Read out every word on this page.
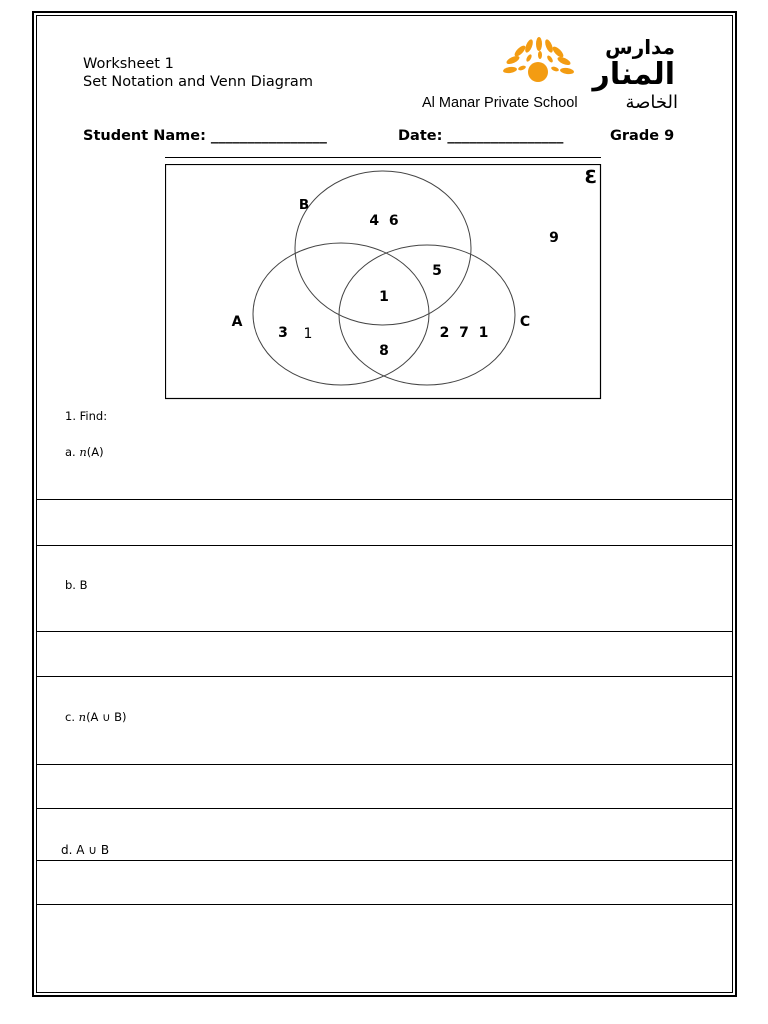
Worksheet 1
Set Notation and Venn Diagram
مدارس
المنار
الخاصة
Al Manar Private School
Student Name: ________________	Date: ________________	Grade 9
ℇ
B
A	C
4  6
9
5
1
3 1	2  7  1
8
1. Find:
a. n(A)
b. B
c. n(A ∪ B)
d. A ∪ B
